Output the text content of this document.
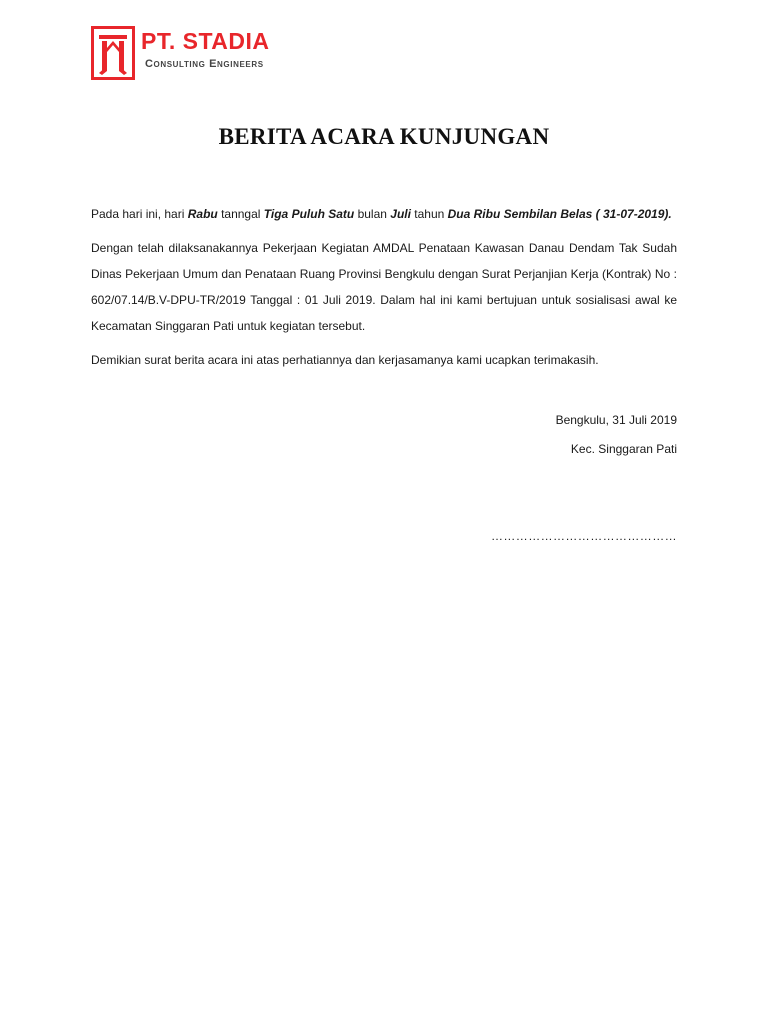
PT. STADIA
Consulting Engineers
BERITA ACARA KUNJUNGAN

Pada hari ini, hari Rabu tanngal Tiga Puluh Satu bulan Juli tahun Dua Ribu Sembilan Belas ( 31-07-2019).

Dengan telah dilaksanakannya Pekerjaan Kegiatan AMDAL Penataan Kawasan Danau Dendam Tak Sudah Dinas Pekerjaan Umum dan Penataan Ruang Provinsi Bengkulu dengan Surat Perjanjian Kerja (Kontrak) No : 602/07.14/B.V-DPU-TR/2019 Tanggal : 01 Juli 2019. Dalam hal ini kami bertujuan untuk sosialisasi awal ke Kecamatan Singgaran Pati untuk kegiatan tersebut.

Demikian surat berita acara ini atas perhatiannya dan kerjasamanya kami ucapkan terimakasih.

Bengkulu, 31 Juli 2019
Kec. Singgaran Pati
………………………………………
